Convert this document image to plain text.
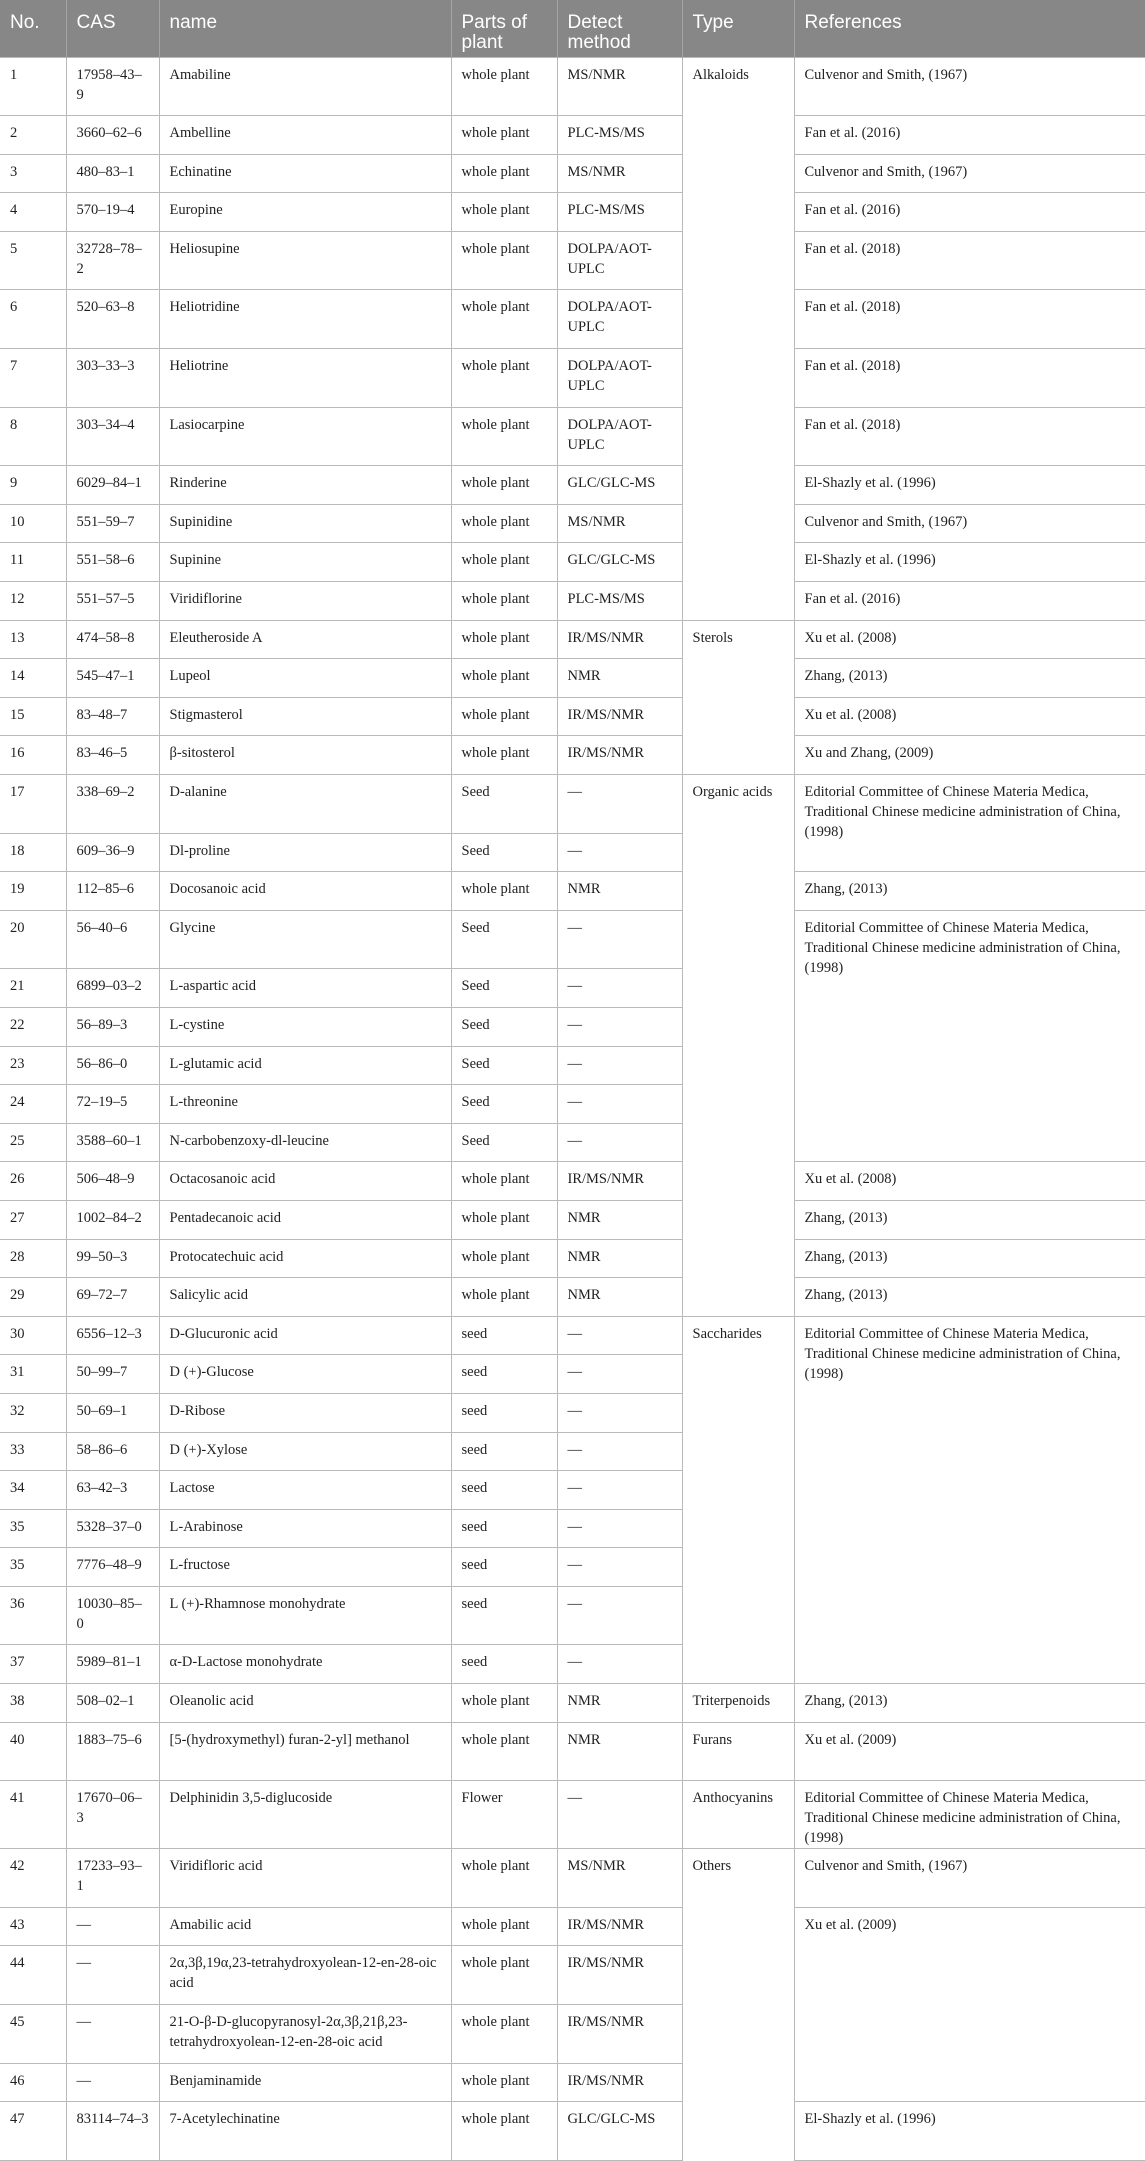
No.	CAS	name	Parts of plant	Detect method	Type	References
1	17958–43–9	Amabiline	whole plant	MS/NMR	Alkaloids	Culvenor and Smith, (1967)
2	3660–62–6	Ambelline	whole plant	PLC-MS/MS		Fan et al. (2016)
3	480–83–1	Echinatine	whole plant	MS/NMR		Culvenor and Smith, (1967)
4	570–19–4	Europine	whole plant	PLC-MS/MS		Fan et al. (2016)
5	32728–78–2	Heliosupine	whole plant	DOLPA/AOT-UPLC		Fan et al. (2018)
6	520–63–8	Heliotridine	whole plant	DOLPA/AOT-UPLC		Fan et al. (2018)
7	303–33–3	Heliotrine	whole plant	DOLPA/AOT-UPLC		Fan et al. (2018)
8	303–34–4	Lasiocarpine	whole plant	DOLPA/AOT-UPLC		Fan et al. (2018)
9	6029–84–1	Rinderine	whole plant	GLC/GLC-MS		El-Shazly et al. (1996)
10	551–59–7	Supinidine	whole plant	MS/NMR		Culvenor and Smith, (1967)
11	551–58–6	Supinine	whole plant	GLC/GLC-MS		El-Shazly et al. (1996)
12	551–57–5	Viridiflorine	whole plant	PLC-MS/MS		Fan et al. (2016)
13	474–58–8	Eleutheroside A	whole plant	IR/MS/NMR	Sterols	Xu et al. (2008)
14	545–47–1	Lupeol	whole plant	NMR		Zhang, (2013)
15	83–48–7	Stigmasterol	whole plant	IR/MS/NMR		Xu et al. (2008)
16	83–46–5	β-sitosterol	whole plant	IR/MS/NMR		Xu and Zhang, (2009)
17	338–69–2	D-alanine	Seed	—	Organic acids	Editorial Committee of Chinese Materia Medica, Traditional Chinese medicine administration of China, (1998)
18	609–36–9	Dl-proline	Seed	—		
19	112–85–6	Docosanoic acid	whole plant	NMR		Zhang, (2013)
20	56–40–6	Glycine	Seed	—		Editorial Committee of Chinese Materia Medica, Traditional Chinese medicine administration of China, (1998)
21	6899–03–2	L-aspartic acid	Seed	—		
22	56–89–3	L-cystine	Seed	—		
23	56–86–0	L-glutamic acid	Seed	—		
24	72–19–5	L-threonine	Seed	—		
25	3588–60–1	N-carbobenzoxy-dl-leucine	Seed	—		
26	506–48–9	Octacosanoic acid	whole plant	IR/MS/NMR		Xu et al. (2008)
27	1002–84–2	Pentadecanoic acid	whole plant	NMR		Zhang, (2013)
28	99–50–3	Protocatechuic acid	whole plant	NMR		Zhang, (2013)
29	69–72–7	Salicylic acid	whole plant	NMR		Zhang, (2013)
30	6556–12–3	D-Glucuronic acid	seed	—	Saccharides	Editorial Committee of Chinese Materia Medica, Traditional Chinese medicine administration of China, (1998)
31	50–99–7	D (+)-Glucose	seed	—		
32	50–69–1	D-Ribose	seed	—		
33	58–86–6	D (+)-Xylose	seed	—		
34	63–42–3	Lactose	seed	—		
35	5328–37–0	L-Arabinose	seed	—		
35	7776–48–9	L-fructose	seed	—		
36	10030–85–0	L (+)-Rhamnose monohydrate	seed	—		
37	5989–81–1	α-D-Lactose monohydrate	seed	—		
38	508–02–1	Oleanolic acid	whole plant	NMR	Triterpenoids	Zhang, (2013)
40	1883–75–6	[5-(hydroxymethyl) furan-2-yl] methanol	whole plant	NMR	Furans	Xu et al. (2009)
41	17670–06–3	Delphinidin 3,5-diglucoside	Flower	—	Anthocyanins	Editorial Committee of Chinese Materia Medica, Traditional Chinese medicine administration of China, (1998)
42	17233–93–1	Viridifloric acid	whole plant	MS/NMR	Others	Culvenor and Smith, (1967)
43	—	Amabilic acid	whole plant	IR/MS/NMR		Xu et al. (2009)
44	—	2α,3β,19α,23-tetrahydroxyolean-12-en-28-oic acid	whole plant	IR/MS/NMR		
45	—	21-O-β-D-glucopyranosyl-2α,3β,21β,23-tetrahydroxyolean-12-en-28-oic acid	whole plant	IR/MS/NMR		
46	—	Benjaminamide	whole plant	IR/MS/NMR		
47	83114–74–3	7-Acetylechinatine	whole plant	GLC/GLC-MS		El-Shazly et al. (1996)
